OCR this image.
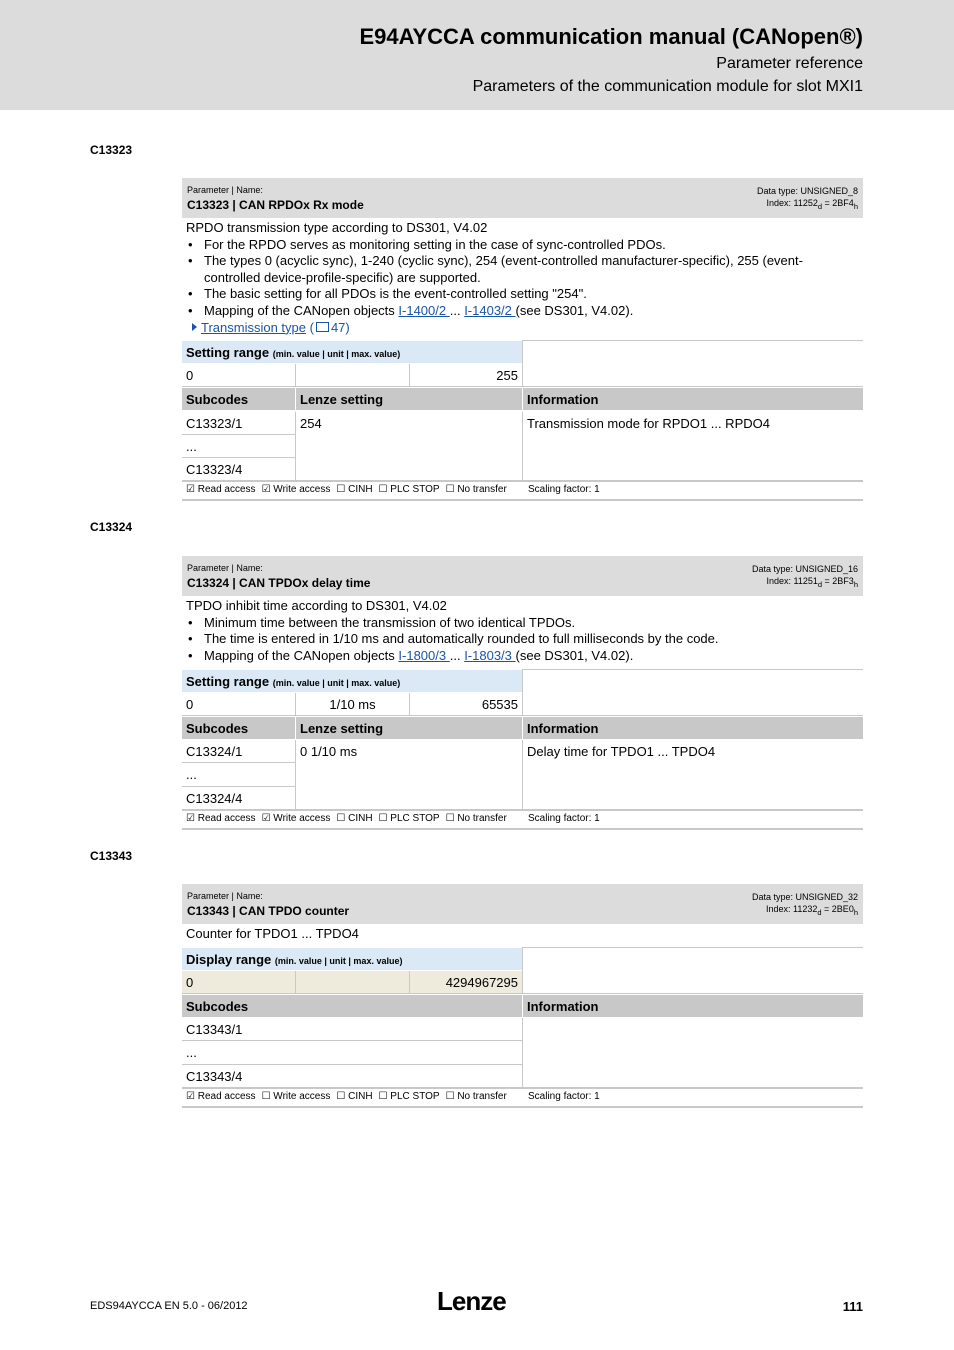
E94AYCCA communication manual (CANopen®)
Parameter reference
Parameters of the communication module for slot MXI1
C13323
Parameter | Name:
C13323 | CAN RPDOx Rx mode
Data type: UNSIGNED_8
Index: $11252_d = 2BF4_h$
RPDO transmission type according to DS301, V4.02
• For the RPDO serves as monitoring setting in the case of sync-controlled PDOs.
• The types 0 (acyclic sync), 1-240 (cyclic sync), 254 (event-controlled manufacturer-specific), 255 (event-controlled device-profile-specific) are supported.
• The basic setting for all PDOs is the event-controlled setting "254".
• Mapping of the CANopen objects I-1400/2 ... I-1403/2 (see DS301, V4.02).
Transmission type ( 47)
Setting range (min. value | unit | max. value)
0	255
Subcodes	Lenze setting	Information
C13323/1
...
C13323/4
254	Transmission mode for RPDO1 ... RPDO4
☑ Read access ☑ Write access ☐ CINH ☐ PLC STOP ☐ No transfer	Scaling factor: 1
C13324
Parameter | Name:
C13324 | CAN TPDOx delay time
Data type: UNSIGNED_16
Index: $11251_d = 2BF3_h$
TPDO inhibit time according to DS301, V4.02
• Minimum time between the transmission of two identical TPDOs.
• The time is entered in 1/10 ms and automatically rounded to full milliseconds by the code.
• Mapping of the CANopen objects I-1800/3 ... I-1803/3 (see DS301, V4.02).
Setting range (min. value | unit | max. value)
0	1/10 ms	65535
Subcodes	Lenze setting	Information
C13324/1
...
C13324/4
0 1/10 ms	Delay time for TPDO1 ... TPDO4
☑ Read access ☑ Write access ☐ CINH ☐ PLC STOP ☐ No transfer	Scaling factor: 1
C13343
Parameter | Name:
C13343 | CAN TPDO counter
Data type: UNSIGNED_32
Index: $11232_d = 2BE0_h$
Counter for TPDO1 ... TPDO4
Display range (min. value | unit | max. value)
0	4294967295
Subcodes	Information
C13343/1
...
C13343/4
☑ Read access ☐ Write access ☐ CINH ☐ PLC STOP ☐ No transfer	Scaling factor: 1
EDS94AYCCA EN 5.0 - 06/2012	Lenze	111
